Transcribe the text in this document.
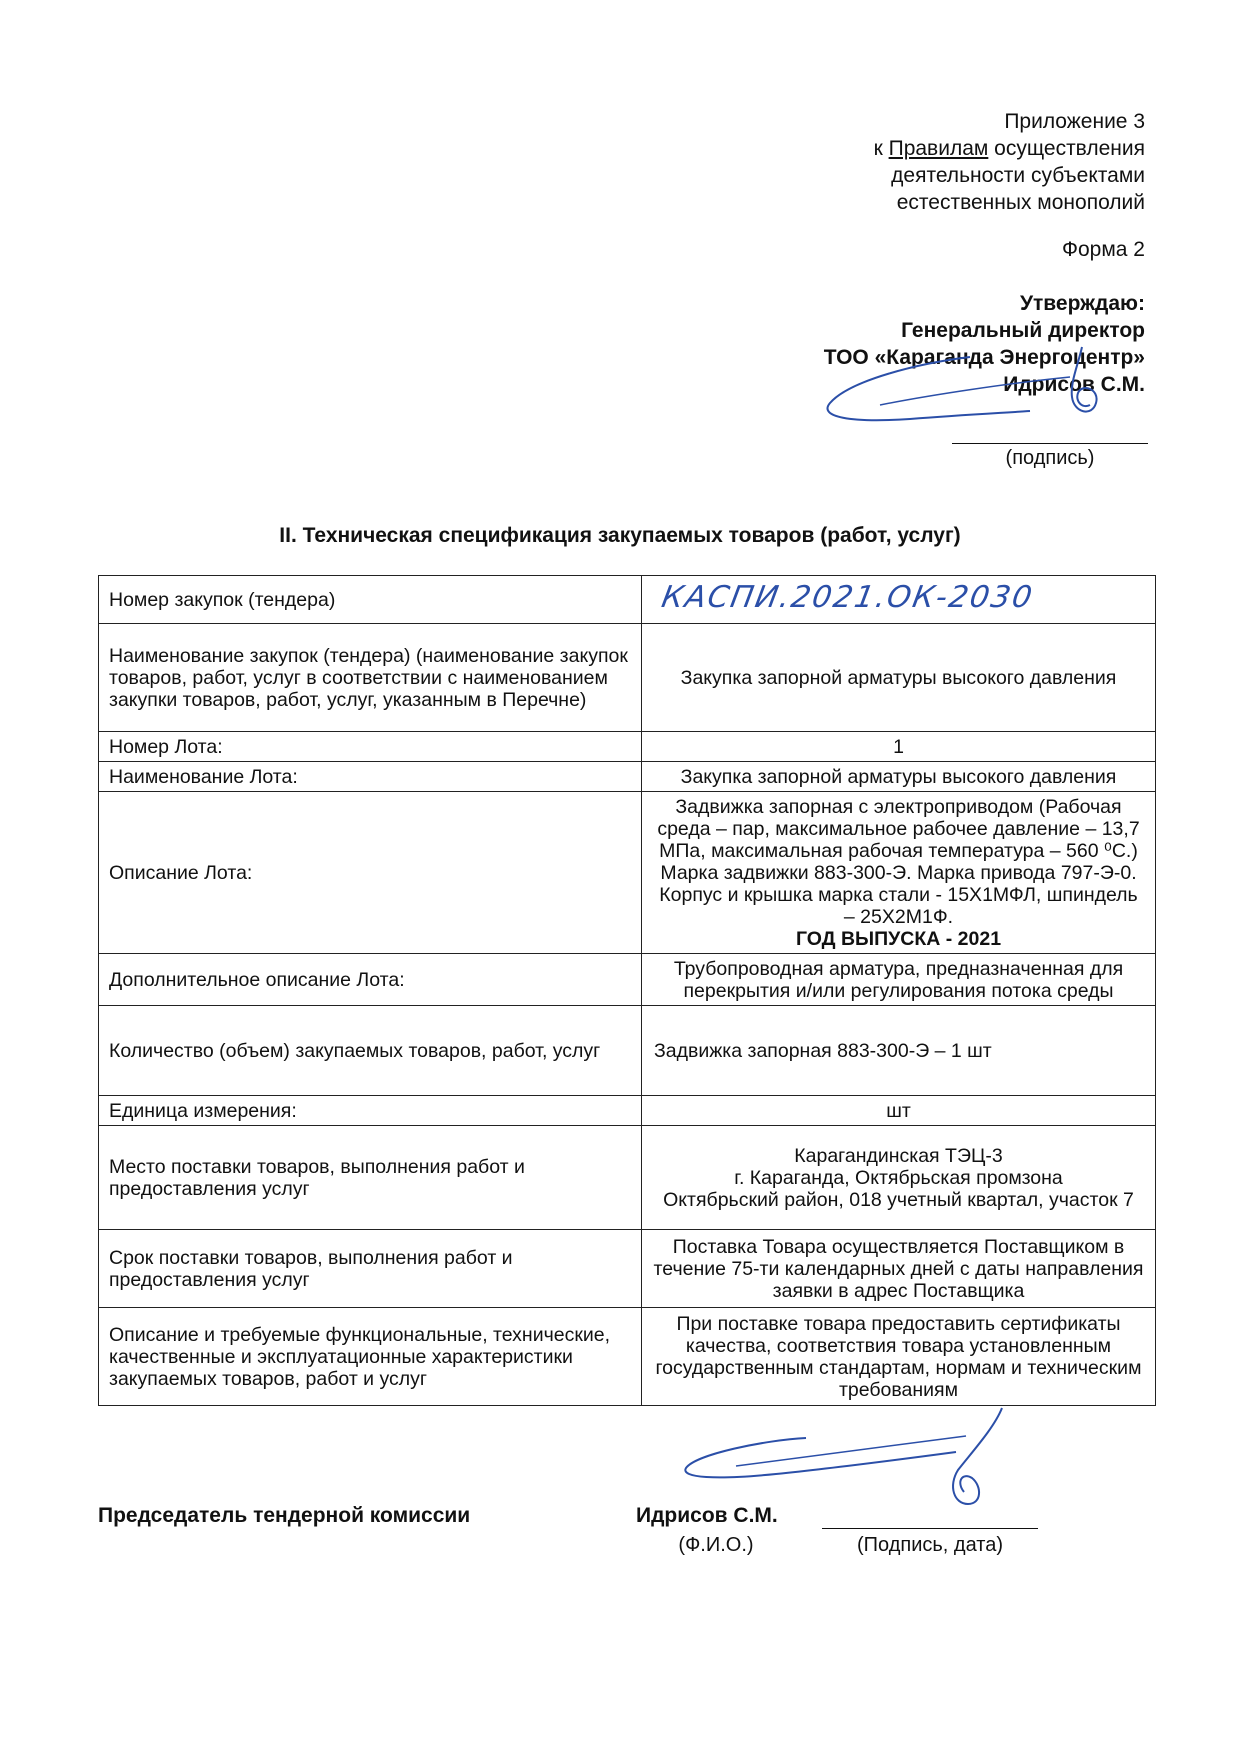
Приложение 3
к Правилам осуществления
деятельности субъектами
естественных монополий
Форма 2
Утверждаю:
Генеральный директор
ТОО «Караганда Энергоцентр»
Идрисов С.М.
(подпись)
II. Техническая спецификация закупаемых товаров (работ, услуг)
Номер закупок (тендера)	КАСПИ.2021.ОК-2030
Наименование закупок (тендера) (наименование закупок товаров, работ, услуг в соответствии с наименованием закупки товаров, работ, услуг, указанным в Перечне)	Закупка запорной арматуры высокого давления
Номер Лота:	1
Наименование Лота:	Закупка запорной арматуры высокого давления
Описание Лота:	Задвижка запорная с электроприводом (Рабочая среда – пар, максимальное рабочее давление – 13,7 МПа, максимальная рабочая температура – 560 ⁰С.) Марка задвижки 883-300-Э. Марка привода 797-Э-0. Корпус и крышка марка стали - 15Х1МФЛ, шпиндель – 25Х2М1Ф.
ГОД ВЫПУСКА - 2021

Дополнительное описание Лота:	Трубопроводная арматура, предназначенная для перекрытия и/или регулирования потока среды
Количество (объем) закупаемых товаров, работ, услуг	Задвижка запорная 883-300-Э – 1 шт
Единица измерения:	шт
Место поставки товаров, выполнения работ и предоставления услуг	Карагандинская ТЭЦ-3
г. Караганда, Октябрьская промзона
Октябрьский район, 018 учетный квартал, участок 7

Срок поставки товаров, выполнения работ и предоставления услуг	Поставка Товара осуществляется Поставщиком в течение 75-ти календарных дней с даты направления заявки в адрес Поставщика
Описание и требуемые функциональные, технические, качественные и эксплуатационные характеристики закупаемых товаров, работ и услуг	При поставке товара предоставить сертификаты качества, соответствия товара установленным государственным стандартам, нормам и техническим требованиям
Председатель тендерной комиссии	Идрисов С.М.
(Ф.И.О.)	(Подпись, дата)
